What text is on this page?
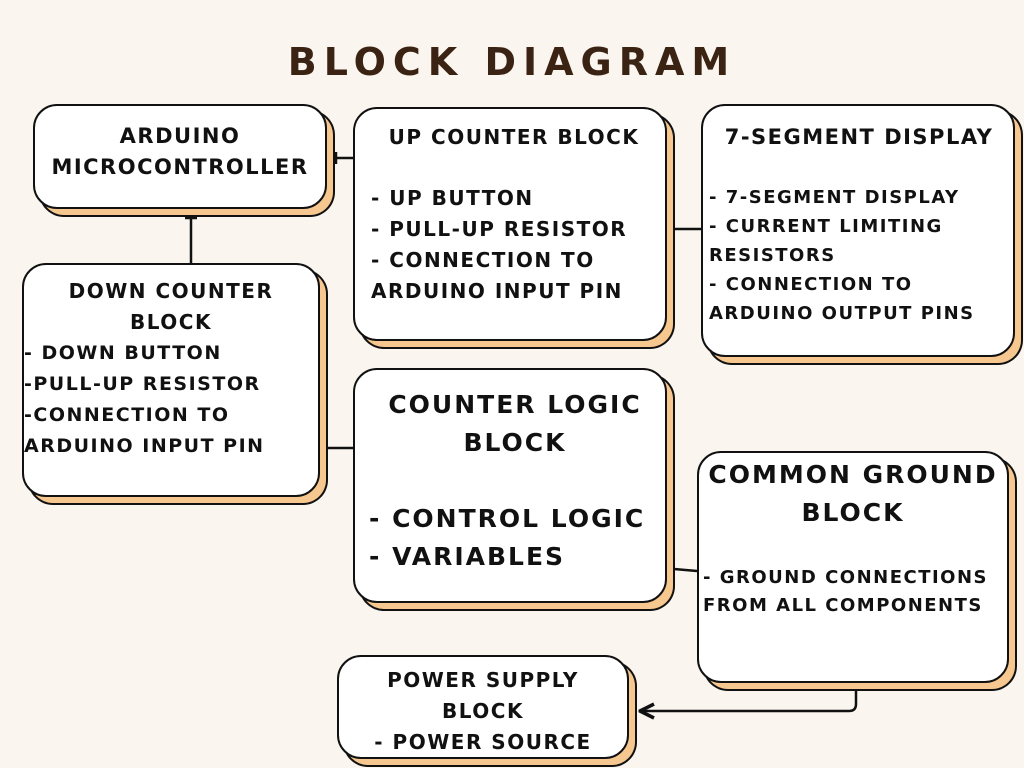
BLOCK DIAGRAM
ARDUINO
MICROCONTROLLER
UP COUNTER BLOCK
- UP BUTTON
- PULL-UP RESISTOR
- CONNECTION TO
ARDUINO INPUT PIN
7-SEGMENT DISPLAY
- 7-SEGMENT DISPLAY
- CURRENT LIMITING
RESISTORS
- CONNECTION TO
ARDUINO OUTPUT PINS
DOWN COUNTER
BLOCK
- DOWN BUTTON
-PULL-UP RESISTOR
-CONNECTION TO
ARDUINO INPUT PIN
COUNTER LOGIC
BLOCK
- CONTROL LOGIC
- VARIABLES
COMMON GROUND
BLOCK
- GROUND CONNECTIONS
FROM ALL COMPONENTS
POWER SUPPLY
BLOCK
- POWER SOURCE
